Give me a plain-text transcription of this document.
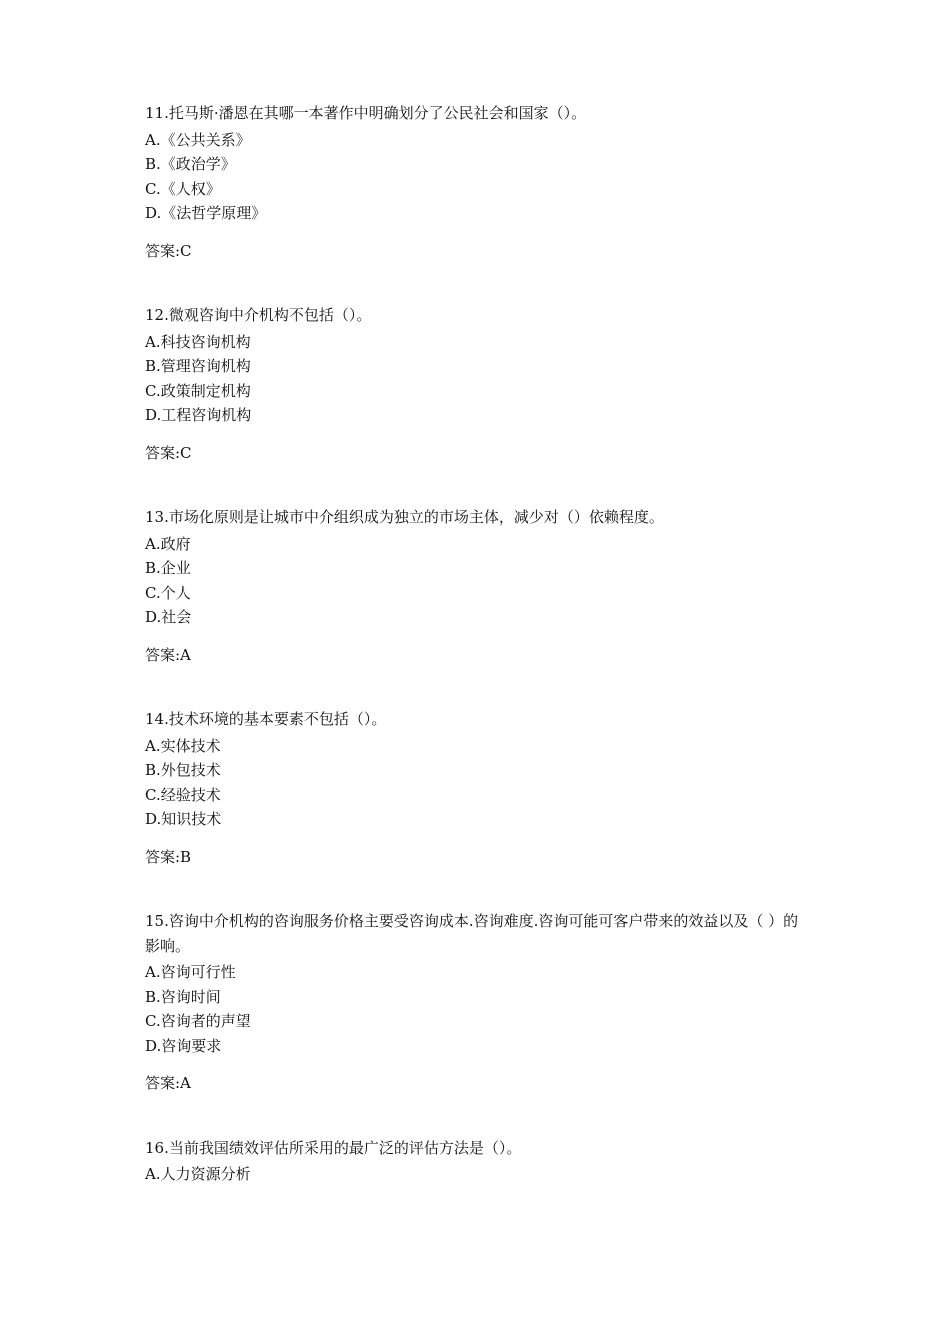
11.托马斯·潘恩在其哪一本著作中明确划分了公民社会和国家（）。

A.《公共关系》

B.《政治学》

C.《人权》

D.《法哲学原理》

答案:C

12.微观咨询中介机构不包括（）。

A.科技咨询机构

B.管理咨询机构

C.政策制定机构

D.工程咨询机构

答案:C

13.市场化原则是让城市中介组织成为独立的市场主体，减少对（）依赖程度。

A.政府

B.企业

C.个人

D.社会

答案:A

14.技术环境的基本要素不包括（）。

A.实体技术

B.外包技术

C.经验技术

D.知识技术

答案:B

15.咨询中介机构的咨询服务价格主要受咨询成本.咨询难度.咨询可能可客户带来的效益以及（ ）的影响。

A.咨询可行性

B.咨询时间

C.咨询者的声望

D.咨询要求

答案:A

16.当前我国绩效评估所采用的最广泛的评估方法是（）。

A.人力资源分析
